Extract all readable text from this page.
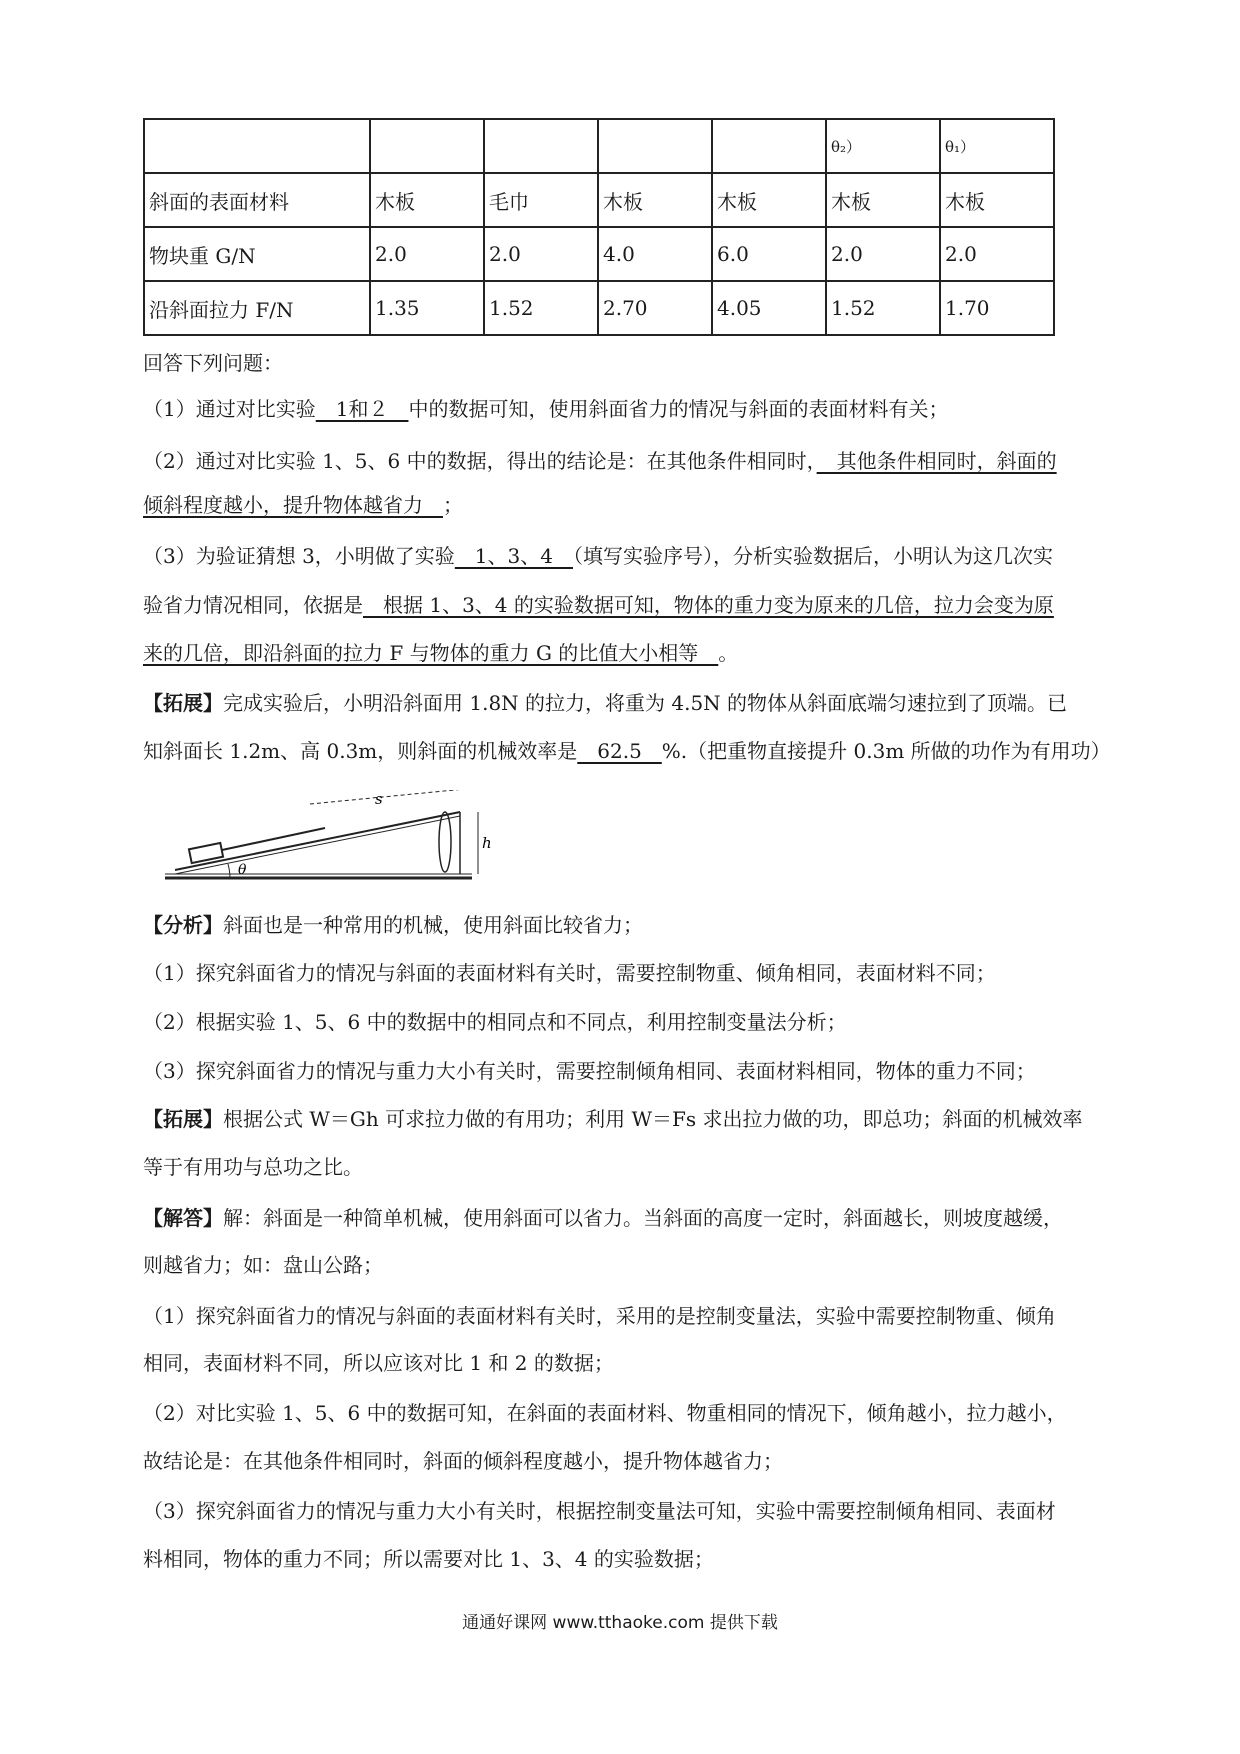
					θ₂）	θ₁）
斜面的表面材料	木板	毛巾	木板	木板	木板	木板
物块重 G/N	2.0	2.0	4.0	6.0	2.0	2.0
沿斜面拉力 F/N	1.35	1.52	2.70	4.05	1.52	1.70
回答下列问题：
（1）通过对比实验　1和２　中的数据可知，使用斜面省力的情况与斜面的表面材料有关；
（2）通过对比实验 1、5、6 中的数据，得出的结论是：在其他条件相同时，　其他条件相同时，斜面的
倾斜程度越小，提升物体越省力　；
（3）为验证猜想 3，小明做了实验　1、3、4　（填写实验序号），分析实验数据后，小明认为这几次实
验省力情况相同，依据是　根据 1、3、4 的实验数据可知，物体的重力变为原来的几倍，拉力会变为原
来的几倍，即沿斜面的拉力 F 与物体的重力 G 的比值大小相等　。
【拓展】完成实验后，小明沿斜面用 1.8N 的拉力，将重为 4.5N 的物体从斜面底端匀速拉到了顶端。已
知斜面长 1.2m、高 0.3m，则斜面的机械效率是　62.5　%.（把重物直接提升 0.3m 所做的功作为有用功）
s
h
θ
【分析】斜面也是一种常用的机械，使用斜面比较省力；
（1）探究斜面省力的情况与斜面的表面材料有关时，需要控制物重、倾角相同，表面材料不同；
（2）根据实验 1、5、6 中的数据中的相同点和不同点，利用控制变量法分析；
（3）探究斜面省力的情况与重力大小有关时，需要控制倾角相同、表面材料相同，物体的重力不同；
【拓展】根据公式 W＝Gh 可求拉力做的有用功；利用 W＝Fs 求出拉力做的功，即总功；斜面的机械效率
等于有用功与总功之比。
【解答】解：斜面是一种简单机械，使用斜面可以省力。当斜面的高度一定时，斜面越长，则坡度越缓，
则越省力；如：盘山公路；
（1）探究斜面省力的情况与斜面的表面材料有关时，采用的是控制变量法，实验中需要控制物重、倾角
相同，表面材料不同，所以应该对比 1 和 2 的数据；
（2）对比实验 1、5、6 中的数据可知，在斜面的表面材料、物重相同的情况下，倾角越小，拉力越小，
故结论是：在其他条件相同时，斜面的倾斜程度越小，提升物体越省力；
（3）探究斜面省力的情况与重力大小有关时，根据控制变量法可知，实验中需要控制倾角相同、表面材
料相同，物体的重力不同；所以需要对比 1、3、4 的实验数据；
通通好课网 www.tthaoke.com 提供下载
